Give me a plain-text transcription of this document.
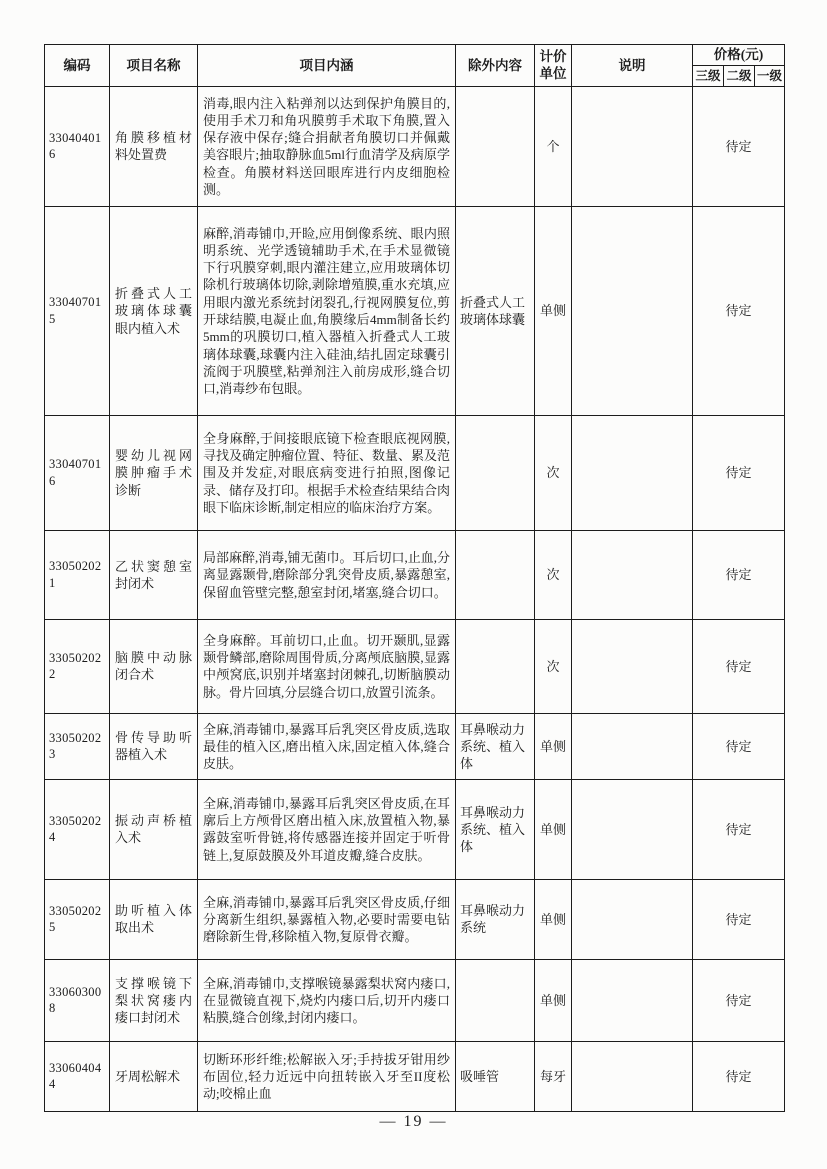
编码	项目名称	项目内涵	除外内容	计价单位	说明	价格(元)		
						三级	二级	一级
330404016	角膜移植材料处置费	消毒,眼内注入粘弹剂以达到保护角膜目的,使用手术刀和角巩膜剪手术取下角膜,置入保存液中保存;缝合捐献者角膜切口并佩戴美容眼片;抽取静脉血5ml行血清学及病原学检查。角膜材料送回眼库进行内皮细胞检测。		个		待定		
330407015	折叠式人工玻璃体球囊眼内植入术	麻醉,消毒铺巾,开睑,应用倒像系统、眼内照明系统、光学透镜辅助手术,在手术显微镜下行巩膜穿刺,眼内灌注建立,应用玻璃体切除机行玻璃体切除,剥除增殖膜,重水充填,应用眼内激光系统封闭裂孔,行视网膜复位,剪开球结膜,电凝止血,角膜缘后4mm制备长约5mm的巩膜切口,植入器植入折叠式人工玻璃体球囊,球囊内注入硅油,结扎固定球囊引流阀于巩膜壁,粘弹剂注入前房成形,缝合切口,消毒纱布包眼。	折叠式人工玻璃体球囊	单侧		待定		
330407016	婴幼儿视网膜肿瘤手术诊断	全身麻醉,于间接眼底镜下检查眼底视网膜,寻找及确定肿瘤位置、特征、数量、累及范围及并发症,对眼底病变进行拍照,图像记录、储存及打印。根据手术检查结果结合肉眼下临床诊断,制定相应的临床治疗方案。		次		待定		
330502021	乙状窦憩室封闭术	局部麻醉,消毒,铺无菌巾。耳后切口,止血,分离显露颞骨,磨除部分乳突骨皮质,暴露憩室,保留血管壁完整,憩室封闭,堵塞,缝合切口。		次		待定		
330502022	脑膜中动脉闭合术	全身麻醉。耳前切口,止血。切开颞肌,显露颞骨鳞部,磨除周围骨质,分离颅底脑膜,显露中颅窝底,识别并堵塞封闭棘孔,切断脑膜动脉。骨片回填,分层缝合切口,放置引流条。		次		待定		
330502023	骨传导助听器植入术	全麻,消毒铺巾,暴露耳后乳突区骨皮质,选取最佳的植入区,磨出植入床,固定植入体,缝合皮肤。	耳鼻喉动力系统、植入体	单侧		待定		
330502024	振动声桥植入术	全麻,消毒铺巾,暴露耳后乳突区骨皮质,在耳廓后上方颅骨区磨出植入床,放置植入物,暴露鼓室听骨链,将传感器连接并固定于听骨链上,复原鼓膜及外耳道皮瓣,缝合皮肤。	耳鼻喉动力系统、植入体	单侧		待定		
330502025	助听植入体取出术	全麻,消毒铺巾,暴露耳后乳突区骨皮质,仔细分离新生组织,暴露植入物,必要时需要电钻磨除新生骨,移除植入物,复原骨衣瓣。	耳鼻喉动力系统	单侧		待定		
330603008	支撑喉镜下梨状窝瘘内瘘口封闭术	全麻,消毒铺巾,支撑喉镜暴露梨状窝内瘘口,在显微镜直视下,烧灼内瘘口后,切开内瘘口粘膜,缝合创缘,封闭内瘘口。		单侧		待定		
330604044	牙周松解术	切断环形纤维;松解嵌入牙;手持拔牙钳用纱布固位,轻力近远中向扭转嵌入牙至II度松动;咬棉止血	吸唾管	每牙		待定		
— 19 —
